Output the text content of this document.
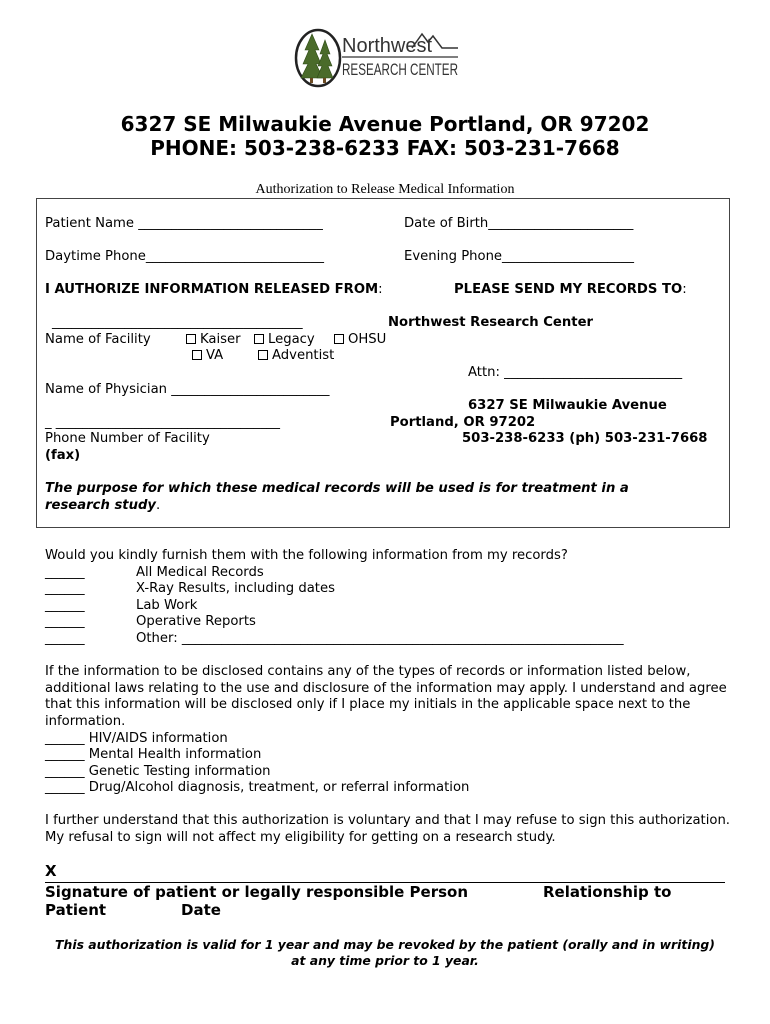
Northwest
RESEARCH CENTER
6327 SE Milwaukie Avenue Portland, OR 97202
PHONE: 503-238-6233 FAX: 503-231-7668
Authorization to Release Medical Information
Patient Name ____________________________	Date of Birth______________________
Daytime Phone___________________________	Evening Phone____________________
I AUTHORIZE INFORMATION RELEASED FROM:	PLEASE SEND MY RECORDS TO:
______________________________________	Northwest Research Center
Name of Facility	Kaiser	Legacy	OHSU
VA	Adventist
Attn: ___________________________
Name of Physician ________________________
6327 SE Milwaukie Avenue
_ __________________________________	Portland, OR 97202
Phone Number of Facility	503-238-6233 (ph) 503-231-7668
(fax)
The purpose for which these medical records will be used is for treatment in a research study.
Would you kindly furnish them with the following information from my records?
______	All Medical Records
______	X-Ray Results, including dates
______	Lab Work
______	Operative Reports
______	Other: ___________________________________________________________________
If the information to be disclosed contains any of the types of records or information listed below, additional laws relating to the use and disclosure of the information may apply. I understand and agree that this information will be disclosed only if I place my initials in the applicable space next to the information.
______ HIV/AIDS information
______ Mental Health information
______ Genetic Testing information
______ Drug/Alcohol diagnosis, treatment, or referral information
I further understand that this authorization is voluntary and that I may refuse to sign this authorization. My refusal to sign will not affect my eligibility for getting on a research study.
X
Signature of patient or legally responsible Person	Relationship to
Patient	Date
This authorization is valid for 1 year and may be revoked by the patient (orally and in writing)
at any time prior to 1 year.
